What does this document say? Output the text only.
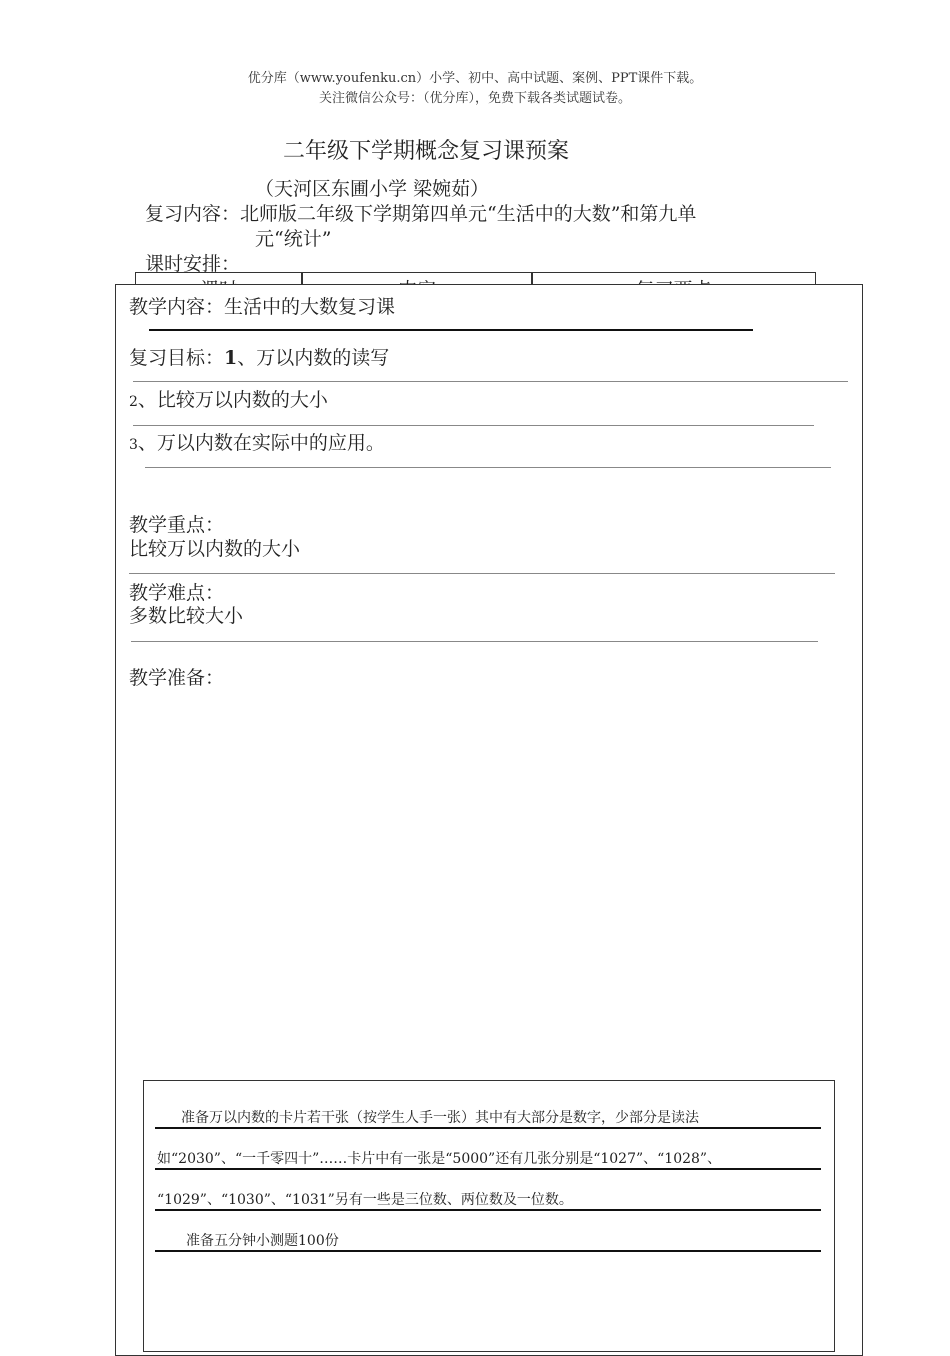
优分库（www.youfenku.cn）小学、初中、高中试题、案例、PPT课件下载。
关注微信公众号：（优分库），免费下载各类试题试卷。
二年级下学期概念复习课预案
（天河区东圃小学 梁婉茹）
复习内容：北师版二年级下学期第四单元“生活中的大数”和第九单
元“统计”
课时安排：
教学内容：生活中的大数复习课
复习目标：1、万以内数的读写
2、比较万以内数的大小
3、万以内数在实际中的应用。
教学重点：
比较万以内数的大小
教学难点：
多数比较大小
教学准备：
准备万以内数的卡片若干张（按学生人手一张）其中有大部分是数字，少部分是读法
如“2030”、“一千零四十”……卡片中有一张是“5000”还有几张分别是“1027”、“1028”、
“1029”、“1030”、“1031”另有一些是三位数、两位数及一位数。
准备五分钟小测题100份
